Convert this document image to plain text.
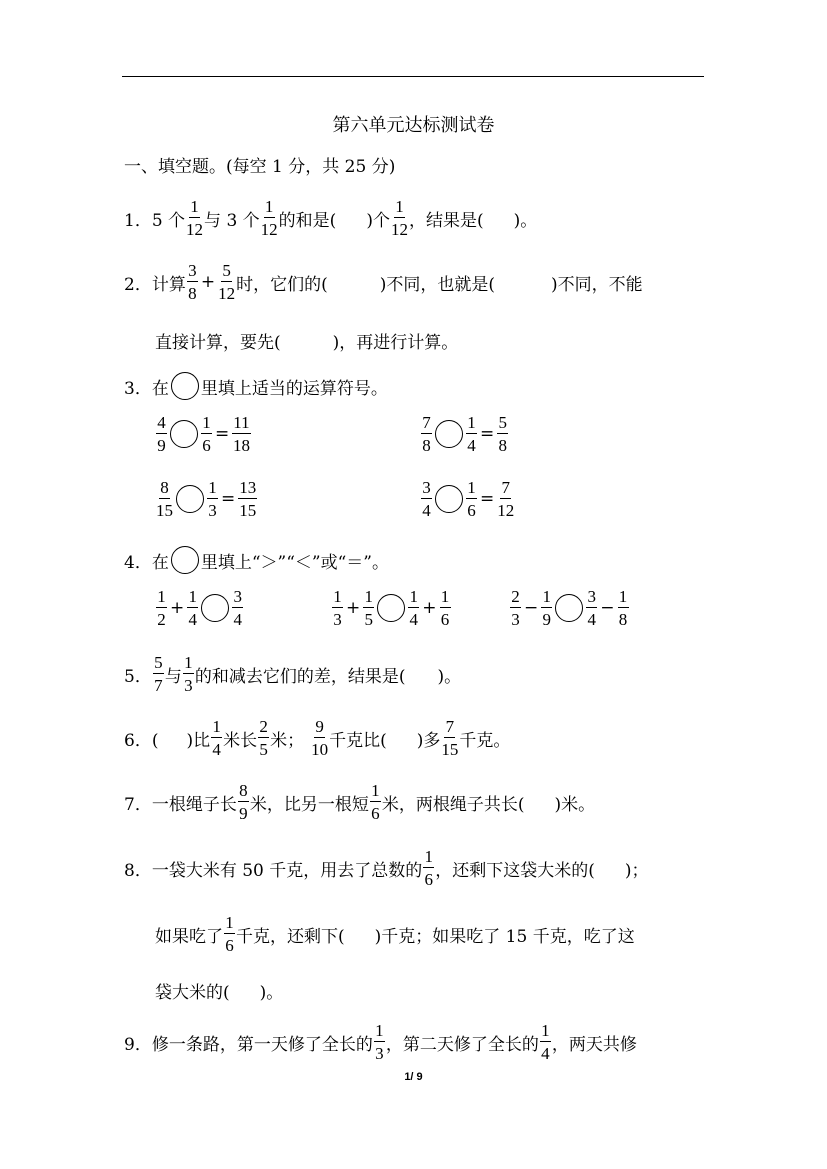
第六单元达标测试卷
一、填空题。(每空 1 分，共 25 分)
1．5 个 $\frac{1}{12}$ 与 3 个 $\frac{1}{12}$ 的和是( )个 $\frac{1}{12}$ ，结果是( )。
2．计算 $\frac{3}{8} + \frac{5}{12}$ 时，它们的(	)不同，也就是(	)不同，不能
直接计算，要先(	)，再进行计算。
3．在 里填上适当的运算符号。
$\frac{4}{9} \frac{1}{6} = \frac{11}{18}$	$\frac{7}{8} \frac{1}{4} = \frac{5}{8}$
$\frac{8}{15} \frac{1}{3} = \frac{13}{15}$	$\frac{3}{4} \frac{1}{6} = \frac{7}{12}$
4．在 里填上“＞”“＜”或“＝”。
$\frac{1}{2} + \frac{1}{4} \frac{3}{4}$	$\frac{1}{3} + \frac{1}{5} \frac{1}{4} + \frac{1}{6}$	$\frac{2}{3} - \frac{1}{9} \frac{3}{4} - \frac{1}{8}$
5． $\frac{5}{7}$ 与 $\frac{1}{3}$ 的和减去它们的差，结果是( )。
6．( )比 $\frac{1}{4}$ 米长 $\frac{2}{5}$ 米； $\frac{9}{10}$ 千克比( )多 $\frac{7}{15}$ 千克。
7．一根绳子长 $\frac{8}{9}$ 米，比另一根短 $\frac{1}{6}$ 米，两根绳子共长( )米。
8．一袋大米有 50 千克，用去了总数的 $\frac{1}{6}$ ，还剩下这袋大米的( )；
如果吃了 $\frac{1}{6}$ 千克，还剩下( )千克；如果吃了 15 千克，吃了这
袋大米的( )。
9．修一条路，第一天修了全长的 $\frac{1}{3}$ ，第二天修了全长的 $\frac{1}{4}$ ，两天共修
1/ 9
